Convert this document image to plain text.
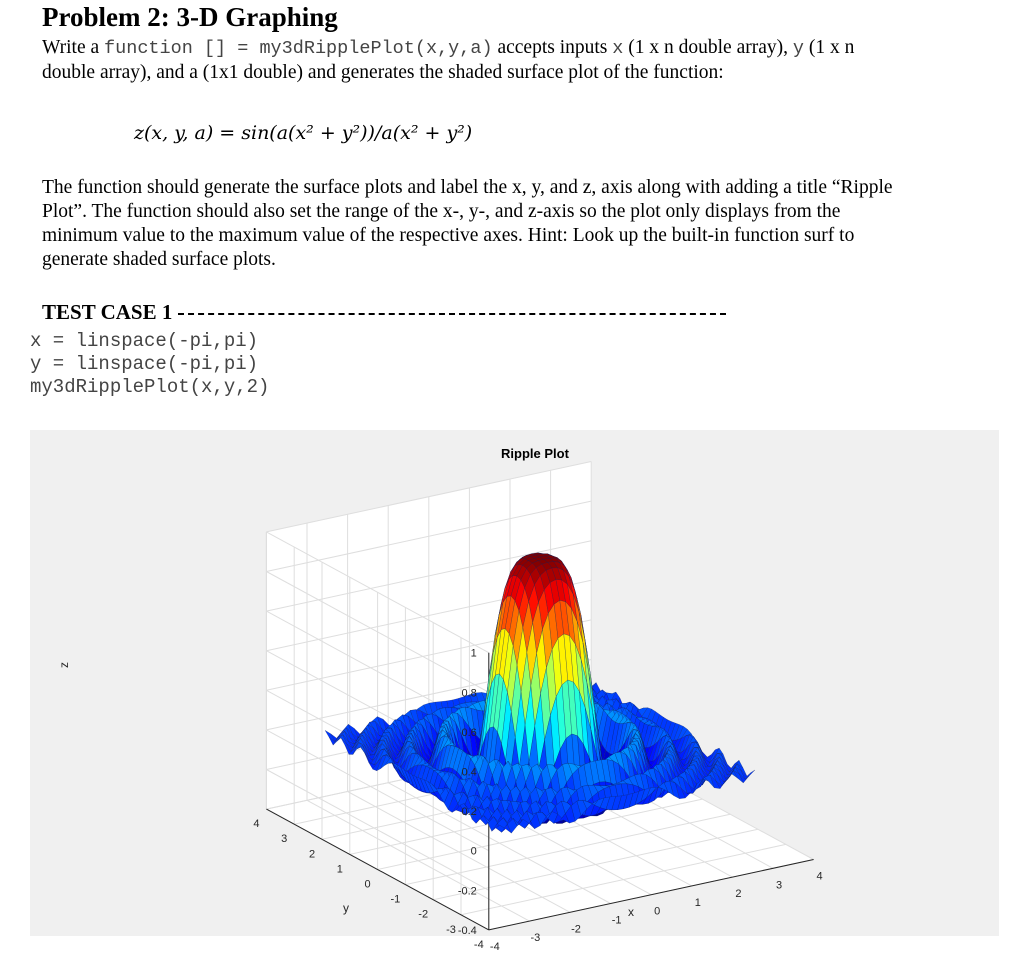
Problem 2: 3-D Graphing
Write a function [] = my3dRipplePlot(x,y,a) accepts inputs x (1 x n double array), y (1 x n
double array), and a (1x1 double) and generates the shaded surface plot of the function:
z(x, y, a) = sin(a(x² + y²))/a(x² + y²)
The function should generate the surface plots and label the x, y, and z, axis along with adding a title “Ripple
Plot”. The function should also set the range of the x-, y-, and z-axis so the plot only displays from the
minimum value to the maximum value of the respective axes. Hint: Look up the built-in function surf to
generate shaded surface plots.
TEST CASE 1
x = linspace(-pi,pi)
y = linspace(-pi,pi)
my3dRipplePlot(x,y,2)
Ripple Plot
1
0.8
0.6
0.4
0.2
0
-0.2
-0.4
-4
-3
-2
-1
0
1
2
3
4
4
3
2
1
0
-1
-2
-3
-4
z
y	x
